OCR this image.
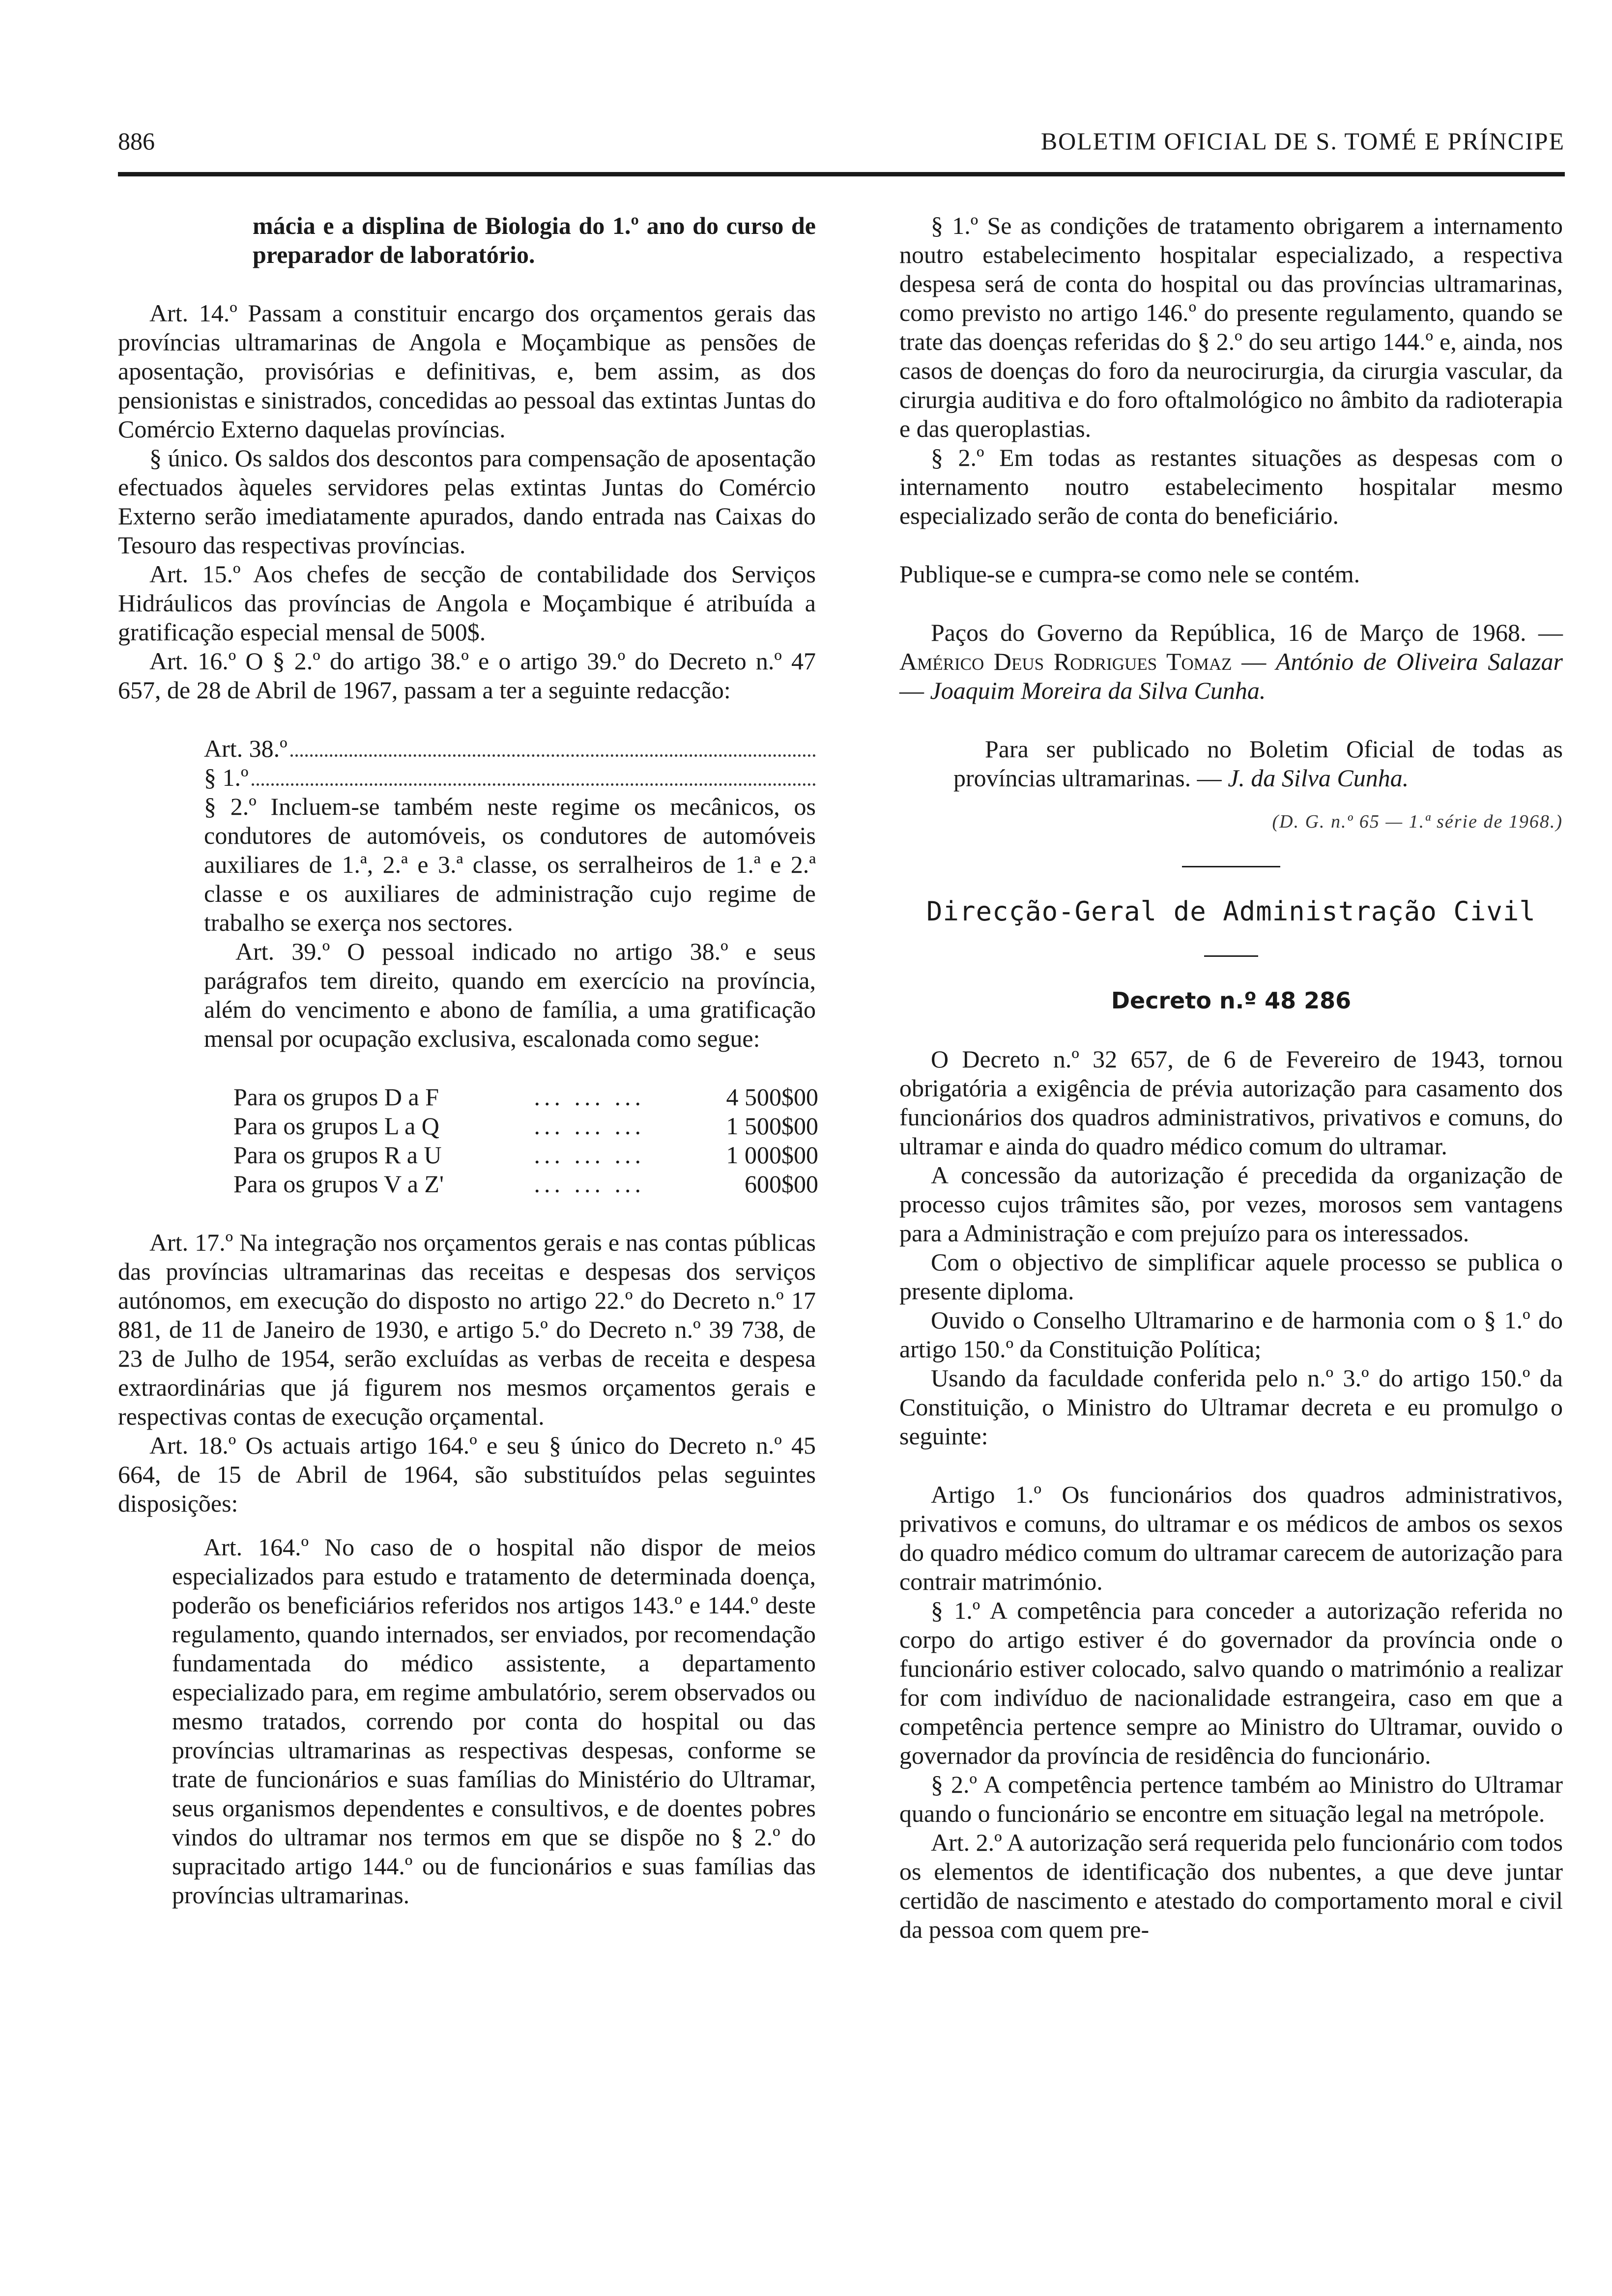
886	BOLETIM OFICIAL DE S. TOMÉ E PRÍNCIPE

mácia e a displina de Biologia do 1.º ano do curso de preparador de laboratório.

Art. 14.º Passam a constituir encargo dos orçamentos gerais das províncias ultramarinas de Angola e Moçambique as pensões de aposentação, provisórias e definitivas, e, bem assim, as dos pensionistas e sinistrados, concedidas ao pessoal das extintas Juntas do Comércio Externo daquelas províncias.

§ único. Os saldos dos descontos para compensação de aposentação efectuados àqueles servidores pelas extintas Juntas do Comércio Externo serão imediatamente apurados, dando entrada nas Caixas do Tesouro das respectivas províncias.

Art. 15.º Aos chefes de secção de contabilidade dos Serviços Hidráulicos das províncias de Angola e Moçambique é atribuída a gratificação especial mensal de 500$.

Art. 16.º O § 2.º do artigo 38.º e o artigo 39.º do Decreto n.º 47 657, de 28 de Abril de 1967, passam a ter a seguinte redacção:

Art. 38.º
§ 1.º

§ 2.º Incluem-se também neste regime os mecânicos, os condutores de automóveis, os condutores de automóveis auxiliares de 1.ª, 2.ª e 3.ª classe, os serralheiros de 1.ª e 2.ª classe e os auxiliares de administração cujo regime de trabalho se exerça nos sectores.

Art. 39.º O pessoal indicado no artigo 38.º e seus parágrafos tem direito, quando em exercício na província, além do vencimento e abono de família, a uma gratificação mensal por ocupação exclusiva, escalonada como segue:

Para os grupos D a F	... ... ...	4 500$00
Para os grupos L a Q	... ... ...	1 500$00
Para os grupos R a U	... ... ...	1 000$00
Para os grupos V a Z'	... ... ...	600$00

Art. 17.º Na integração nos orçamentos gerais e nas contas públicas das províncias ultramarinas das receitas e despesas dos serviços autónomos, em execução do disposto no artigo 22.º do Decreto n.º 17 881, de 11 de Janeiro de 1930, e artigo 5.º do Decreto n.º 39 738, de 23 de Julho de 1954, serão excluídas as verbas de receita e despesa extraordinárias que já figurem nos mesmos orçamentos gerais e respectivas contas de execução orçamental.

Art. 18.º Os actuais artigo 164.º e seu § único do Decreto n.º 45 664, de 15 de Abril de 1964, são substituídos pelas seguintes disposições:

Art. 164.º No caso de o hospital não dispor de meios especializados para estudo e tratamento de determinada doença, poderão os beneficiários referidos nos artigos 143.º e 144.º deste regulamento, quando internados, ser enviados, por recomendação fundamentada do médico assistente, a departamento especializado para, em regime ambulatório, serem observados ou mesmo tratados, correndo por conta do hospital ou das províncias ultramarinas as respectivas despesas, conforme se trate de funcionários e suas famílias do Ministério do Ultramar, seus organismos dependentes e consultivos, e de doentes pobres vindos do ultramar nos termos em que se dispõe no § 2.º do supracitado artigo 144.º ou de funcionários e suas famílias das províncias ultramarinas.

§ 1.º Se as condições de tratamento obrigarem a internamento noutro estabelecimento hospitalar especializado, a respectiva despesa será de conta do hospital ou das províncias ultramarinas, como previsto no artigo 146.º do presente regulamento, quando se trate das doenças referidas do § 2.º do seu artigo 144.º e, ainda, nos casos de doenças do foro da neurocirurgia, da cirurgia vascular, da cirurgia auditiva e do foro oftalmológico no âmbito da radioterapia e das queroplastias.

§ 2.º Em todas as restantes situações as despesas com o internamento noutro estabelecimento hospitalar mesmo especializado serão de conta do beneficiário.

Publique-se e cumpra-se como nele se contém.

Paços do Governo da República, 16 de Março de 1968. — Américo Deus Rodrigues Tomaz — António de Oliveira Salazar — Joaquim Moreira da Silva Cunha.

Para ser publicado no Boletim Oficial de todas as províncias ultramarinas. — J. da Silva Cunha.

(D. G. n.º 65 — 1.ª série de 1968.)

Direcção-Geral de Administração Civil

Decreto n.º 48 286

O Decreto n.º 32 657, de 6 de Fevereiro de 1943, tornou obrigatória a exigência de prévia autorização para casamento dos funcionários dos quadros administrativos, privativos e comuns, do ultramar e ainda do quadro médico comum do ultramar.

A concessão da autorização é precedida da organização de processo cujos trâmites são, por vezes, morosos sem vantagens para a Administração e com prejuízo para os interessados.

Com o objectivo de simplificar aquele processo se publica o presente diploma.

Ouvido o Conselho Ultramarino e de harmonia com o § 1.º do artigo 150.º da Constituição Política;

Usando da faculdade conferida pelo n.º 3.º do artigo 150.º da Constituição, o Ministro do Ultramar decreta e eu promulgo o seguinte:

Artigo 1.º Os funcionários dos quadros administrativos, privativos e comuns, do ultramar e os médicos de ambos os sexos do quadro médico comum do ultramar carecem de autorização para contrair matrimónio.

§ 1.º A competência para conceder a autorização referida no corpo do artigo estiver é do governador da província onde o funcionário estiver colocado, salvo quando o matrimónio a realizar for com indivíduo de nacionalidade estrangeira, caso em que a competência pertence sempre ao Ministro do Ultramar, ouvido o governador da província de residência do funcionário.

§ 2.º A competência pertence também ao Ministro do Ultramar quando o funcionário se encontre em situação legal na metrópole.

Art. 2.º A autorização será requerida pelo funcionário com todos os elementos de identificação dos nubentes, a que deve juntar certidão de nascimento e atestado do comportamento moral e civil da pessoa com quem pre-
